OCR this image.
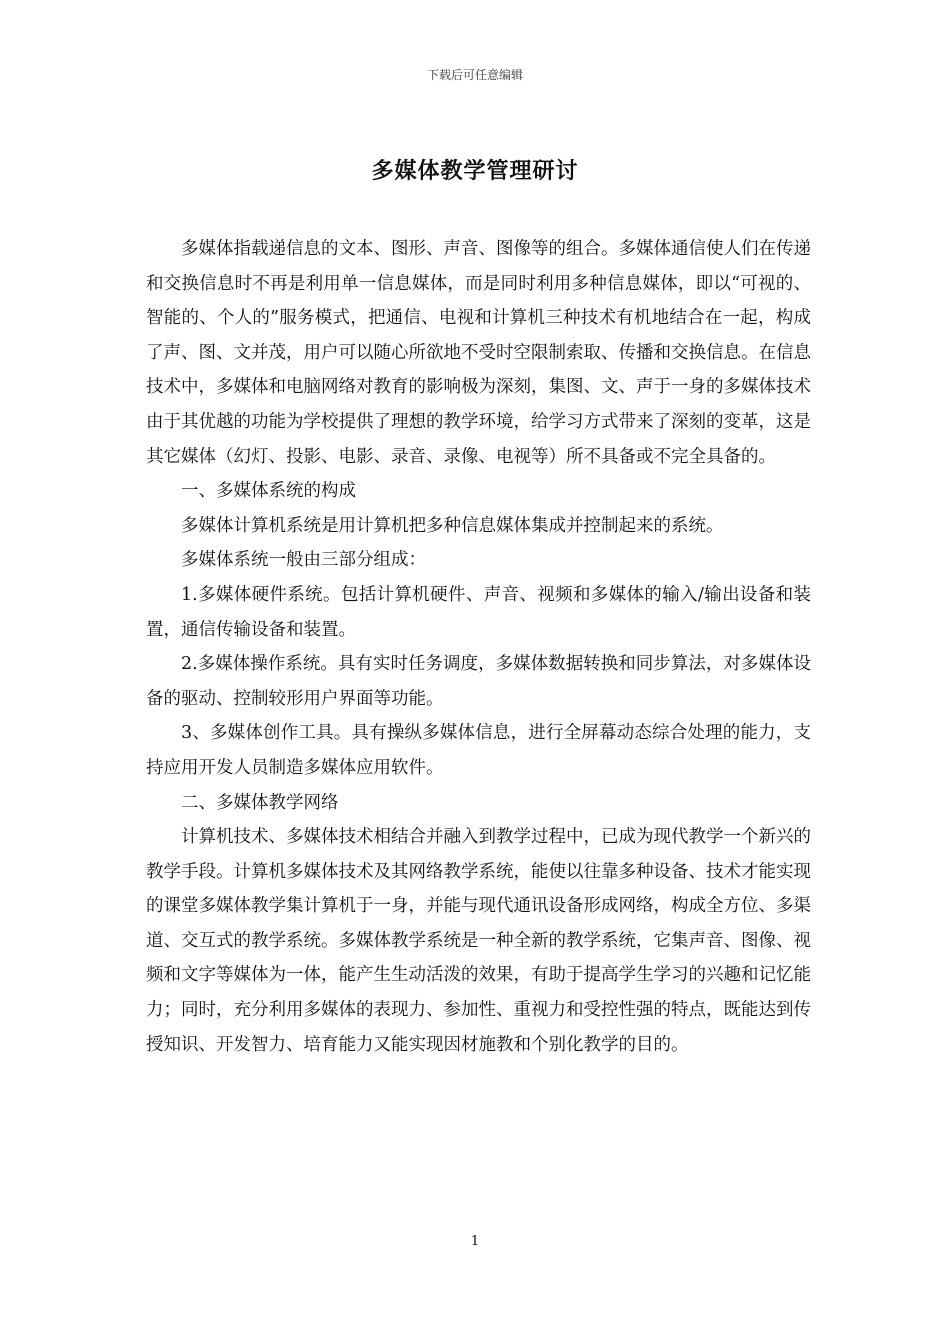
下载后可任意编辑
多媒体教学管理研讨

多媒体指载递信息的文本、图形、声音、图像等的组合。多媒体通信使人们在传递和交换信息时不再是利用单一信息媒体，而是同时利用多种信息媒体，即以“可视的、智能的、个人的”服务模式，把通信、电视和计算机三种技术有机地结合在一起，构成了声、图、文并茂，用户可以随心所欲地不受时空限制索取、传播和交换信息。在信息技术中，多媒体和电脑网络对教育的影响极为深刻，集图、文、声于一身的多媒体技术由于其优越的功能为学校提供了理想的教学环境，给学习方式带来了深刻的变革，这是其它媒体（幻灯、投影、电影、录音、录像、电视等）所不具备或不完全具备的。

一、多媒体系统的构成

多媒体计算机系统是用计算机把多种信息媒体集成并控制起来的系统。

多媒体系统一般由三部分组成：

1.多媒体硬件系统。包括计算机硬件、声音、视频和多媒体的输入/输出设备和装置，通信传输设备和装置。

2.多媒体操作系统。具有实时任务调度，多媒体数据转换和同步算法，对多媒体设备的驱动、控制较形用户界面等功能。

3、多媒体创作工具。具有操纵多媒体信息，进行全屏幕动态综合处理的能力，支持应用开发人员制造多媒体应用软件。

二、多媒体教学网络

计算机技术、多媒体技术相结合并融入到教学过程中，已成为现代教学一个新兴的教学手段。计算机多媒体技术及其网络教学系统，能使以往靠多种设备、技术才能实现的课堂多媒体教学集计算机于一身，并能与现代通讯设备形成网络，构成全方位、多渠道、交互式的教学系统。多媒体教学系统是一种全新的教学系统，它集声音、图像、视频和文字等媒体为一体，能产生生动活泼的效果，有助于提高学生学习的兴趣和记忆能力；同时，充分利用多媒体的表现力、参加性、重视力和受控性强的特点，既能达到传授知识、开发智力、培育能力又能实现因材施教和个别化教学的目的。

1
